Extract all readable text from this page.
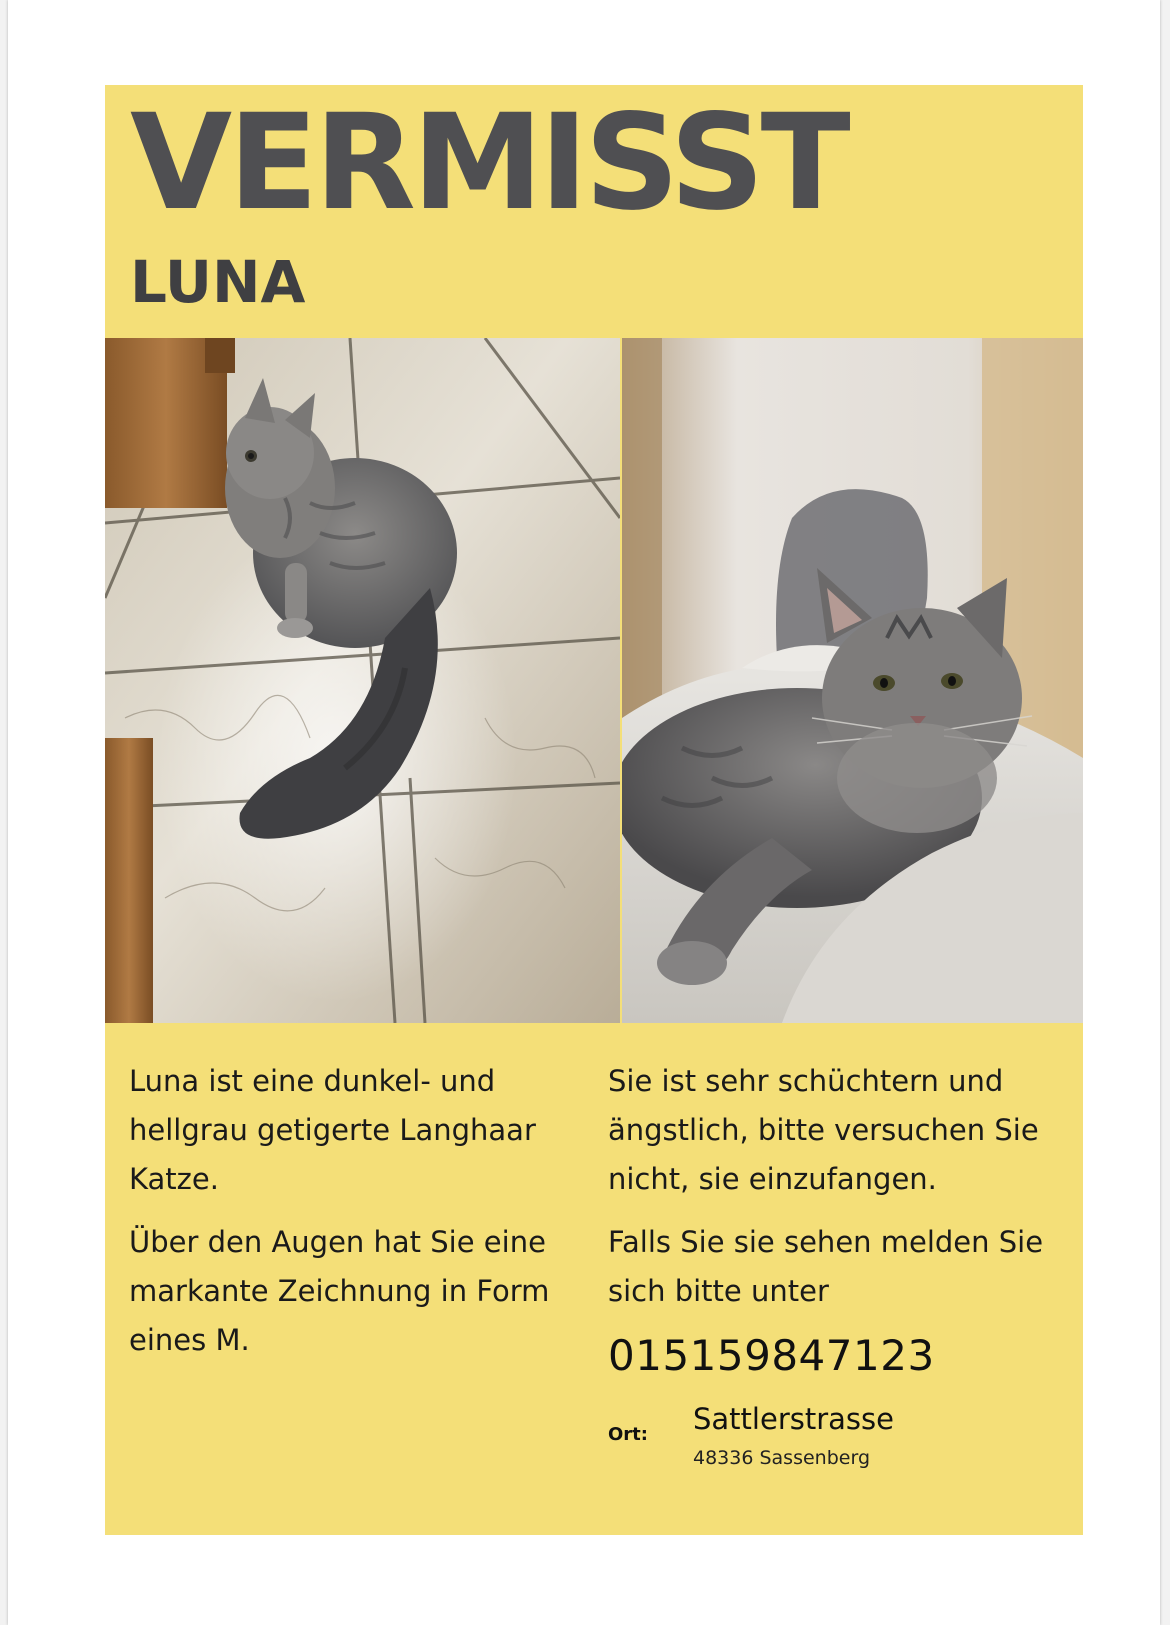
VERMISST
LUNA

Luna ist eine dunkel- und hellgrau getigerte Langhaar Katze.

Über den Augen hat Sie eine markante Zeichnung in Form eines M.

Sie ist sehr schüchtern und ängstlich, bitte versuchen Sie nicht, sie einzufangen.

Falls Sie sie sehen melden Sie sich bitte unter

015159847123
Ort: Sattlerstrasse
48336 Sassenberg
